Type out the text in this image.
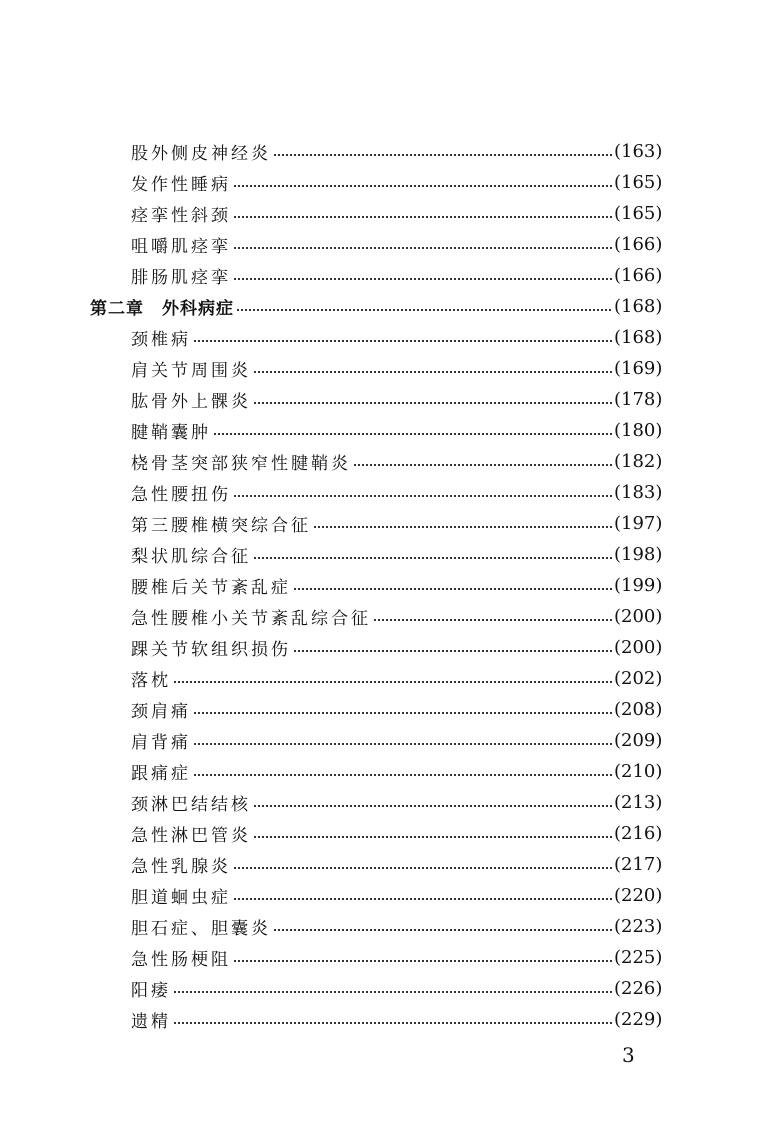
股外侧皮神经炎	(163)
发作性睡病	(165)
痉挛性斜颈	(165)
咀嚼肌痉挛	(166)
腓肠肌痉挛	(166)
第二章　外科病症	(168)
颈椎病	(168)
肩关节周围炎	(169)
肱骨外上髁炎	(178)
腱鞘囊肿	(180)
桡骨茎突部狭窄性腱鞘炎	(182)
急性腰扭伤	(183)
第三腰椎横突综合征	(197)
梨状肌综合征	(198)
腰椎后关节紊乱症	(199)
急性腰椎小关节紊乱综合征	(200)
踝关节软组织损伤	(200)
落枕	(202)
颈肩痛	(208)
肩背痛	(209)
跟痛症	(210)
颈淋巴结结核	(213)
急性淋巴管炎	(216)
急性乳腺炎	(217)
胆道蛔虫症	(220)
胆石症、胆囊炎	(223)
急性肠梗阻	(225)
阳痿	(226)
遗精	(229)
3
